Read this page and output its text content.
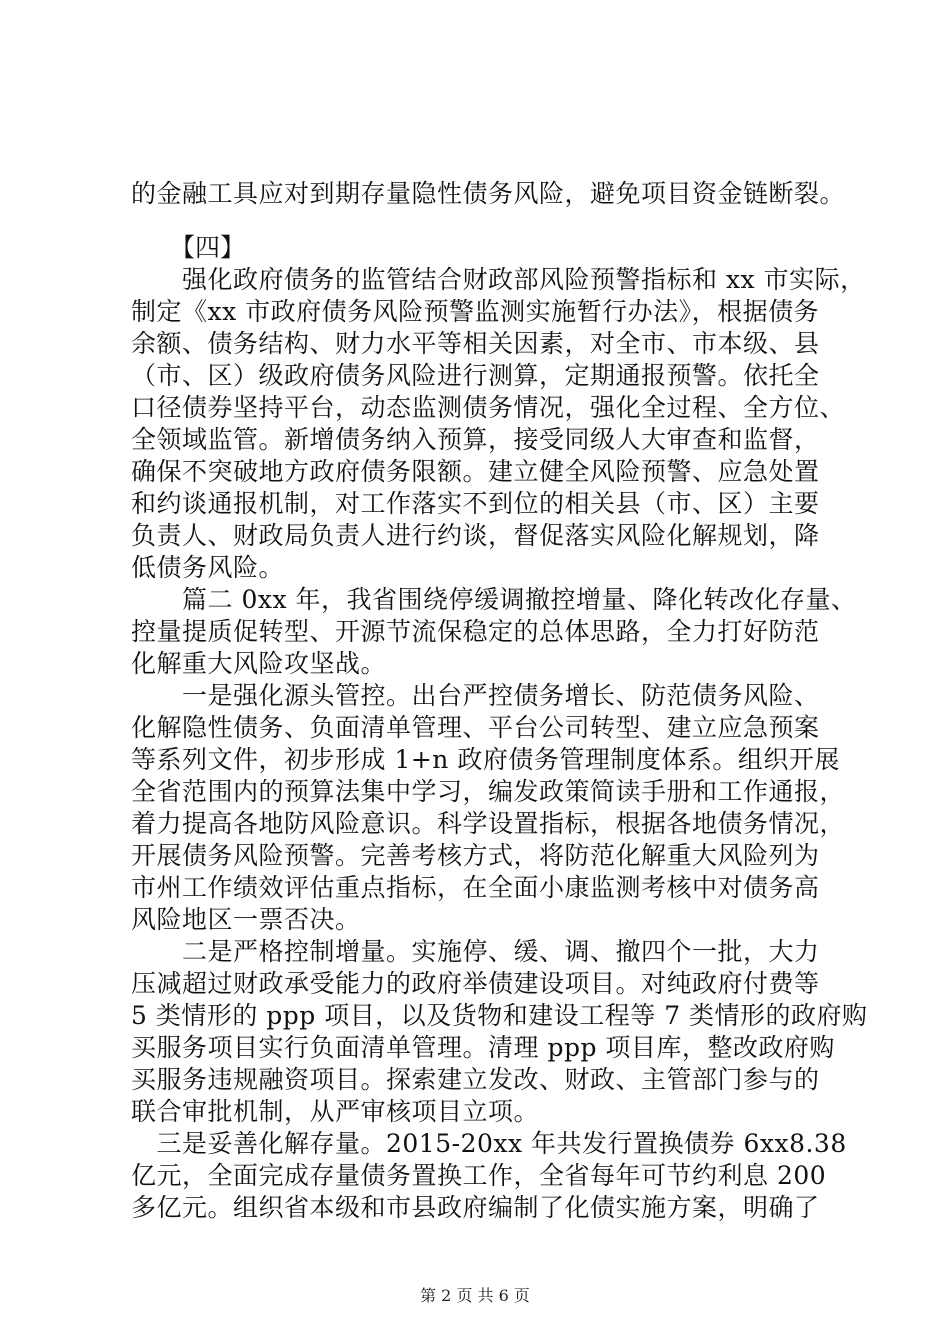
的金融工具应对到期存量隐性债务风险，避免项目资金链断裂。
【四】
　　强化政府债务的监管结合财政部风险预警指标和 xx 市实际，
制定《xx 市政府债务风险预警监测实施暂行办法》，根据债务
余额、债务结构、财力水平等相关因素，对全市、市本级、县
（市、区）级政府债务风险进行测算，定期通报预警。依托全
口径债券坚持平台，动态监测债务情况，强化全过程、全方位、
全领域监管。新增债务纳入预算，接受同级人大审查和监督，
确保不突破地方政府债务限额。建立健全风险预警、应急处置
和约谈通报机制，对工作落实不到位的相关县（市、区）主要
负责人、财政局负责人进行约谈，督促落实风险化解规划，降
低债务风险。
　　篇二 0xx 年，我省围绕停缓调撤控增量、降化转改化存量、
控量提质促转型、开源节流保稳定的总体思路，全力打好防范
化解重大风险攻坚战。
　　一是强化源头管控。出台严控债务增长、防范债务风险、
化解隐性债务、负面清单管理、平台公司转型、建立应急预案
等系列文件，初步形成 1+n 政府债务管理制度体系。组织开展
全省范围内的预算法集中学习，编发政策简读手册和工作通报，
着力提高各地防风险意识。科学设置指标，根据各地债务情况，
开展债务风险预警。完善考核方式，将防范化解重大风险列为
市州工作绩效评估重点指标，在全面小康监测考核中对债务高
风险地区一票否决。
　　二是严格控制增量。实施停、缓、调、撤四个一批，大力
压减超过财政承受能力的政府举债建设项目。对纯政府付费等
5 类情形的 ppp 项目，以及货物和建设工程等 7 类情形的政府购
买服务项目实行负面清单管理。清理 ppp 项目库，整改政府购
买服务违规融资项目。探索建立发改、财政、主管部门参与的
联合审批机制，从严审核项目立项。
　三是妥善化解存量。2015-20xx 年共发行置换债券 6xx8.38
亿元，全面完成存量债务置换工作，全省每年可节约利息 200
多亿元。组织省本级和市县政府编制了化债实施方案，明确了
第 2 页 共 6 页
